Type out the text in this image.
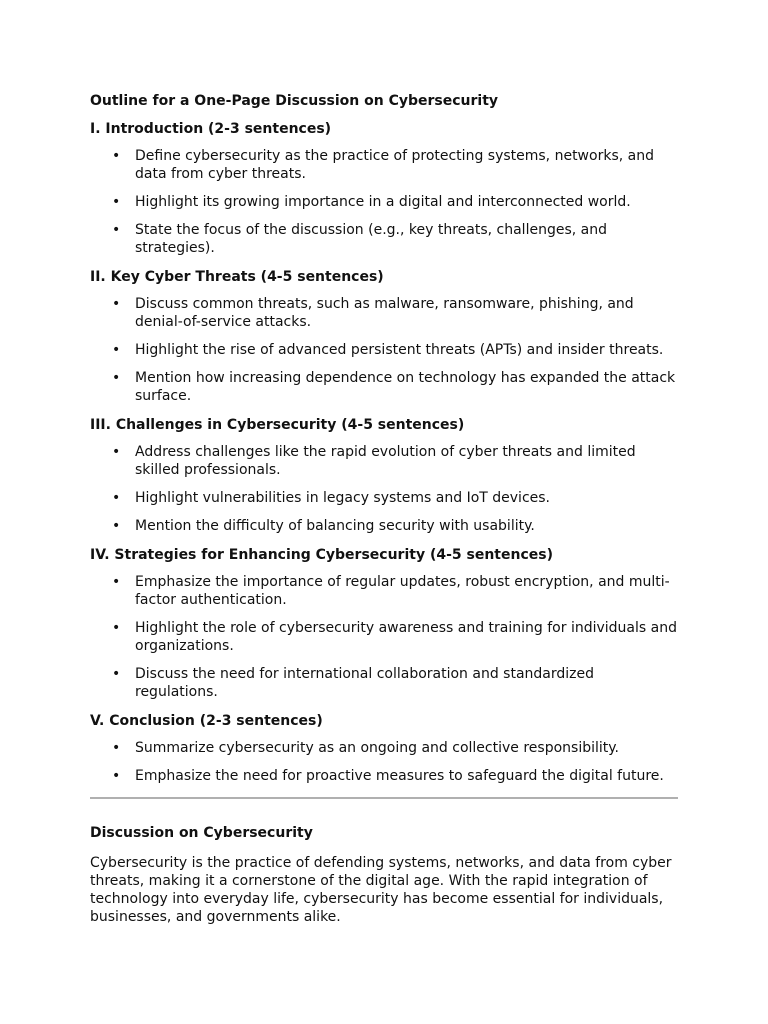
Outline for a One-Page Discussion on Cybersecurity
I. Introduction (2-3 sentences)
• Define cybersecurity as the practice of protecting systems, networks, and data from cyber threats.
• Highlight its growing importance in a digital and interconnected world.
• State the focus of the discussion (e.g., key threats, challenges, and strategies).
II. Key Cyber Threats (4-5 sentences)
• Discuss common threats, such as malware, ransomware, phishing, and denial-of-service attacks.
• Highlight the rise of advanced persistent threats (APTs) and insider threats.
• Mention how increasing dependence on technology has expanded the attack surface.
III. Challenges in Cybersecurity (4-5 sentences)
• Address challenges like the rapid evolution of cyber threats and limited skilled professionals.
• Highlight vulnerabilities in legacy systems and IoT devices.
• Mention the difficulty of balancing security with usability.
IV. Strategies for Enhancing Cybersecurity (4-5 sentences)
• Emphasize the importance of regular updates, robust encryption, and multi-factor authentication.
• Highlight the role of cybersecurity awareness and training for individuals and organizations.
• Discuss the need for international collaboration and standardized regulations.
V. Conclusion (2-3 sentences)
• Summarize cybersecurity as an ongoing and collective responsibility.
• Emphasize the need for proactive measures to safeguard the digital future.
Discussion on Cybersecurity

Cybersecurity is the practice of defending systems, networks, and data from cyber threats, making it a cornerstone of the digital age. With the rapid integration of technology into everyday life, cybersecurity has become essential for individuals, businesses, and governments alike.
